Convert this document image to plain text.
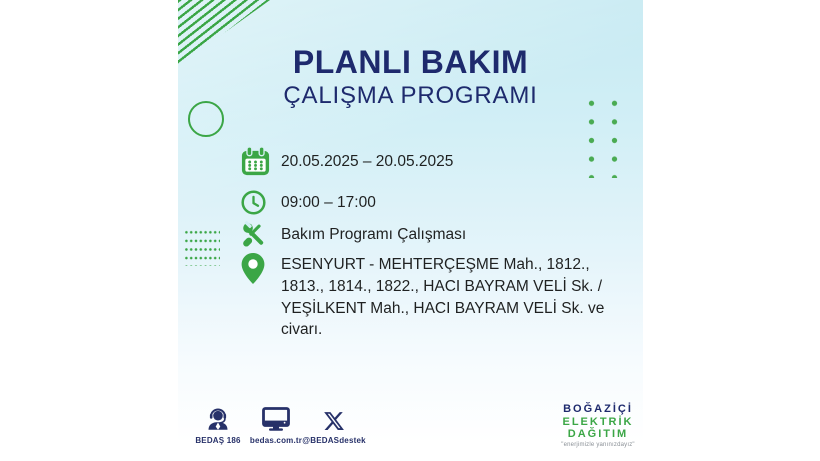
PLANLI BAKIM
ÇALIŞMA PROGRAMI
20.05.2025 – 20.05.2025
09:00 – 17:00
Bakım Programı Çalışması
ESENYURT - MEHTERÇEŞME Mah., 1812., 1813., 1814., 1822., HACI BAYRAM VELİ Sk. / YEŞİLKENT Mah., HACI BAYRAM VELİ Sk. ve civarı.
BEDAŞ 186 bedas.com.tr @BEDASdestek
BOĞAZİÇİ
ELEKTRİK
DAĞITIM
"enerjimizle yanınızdayız"
